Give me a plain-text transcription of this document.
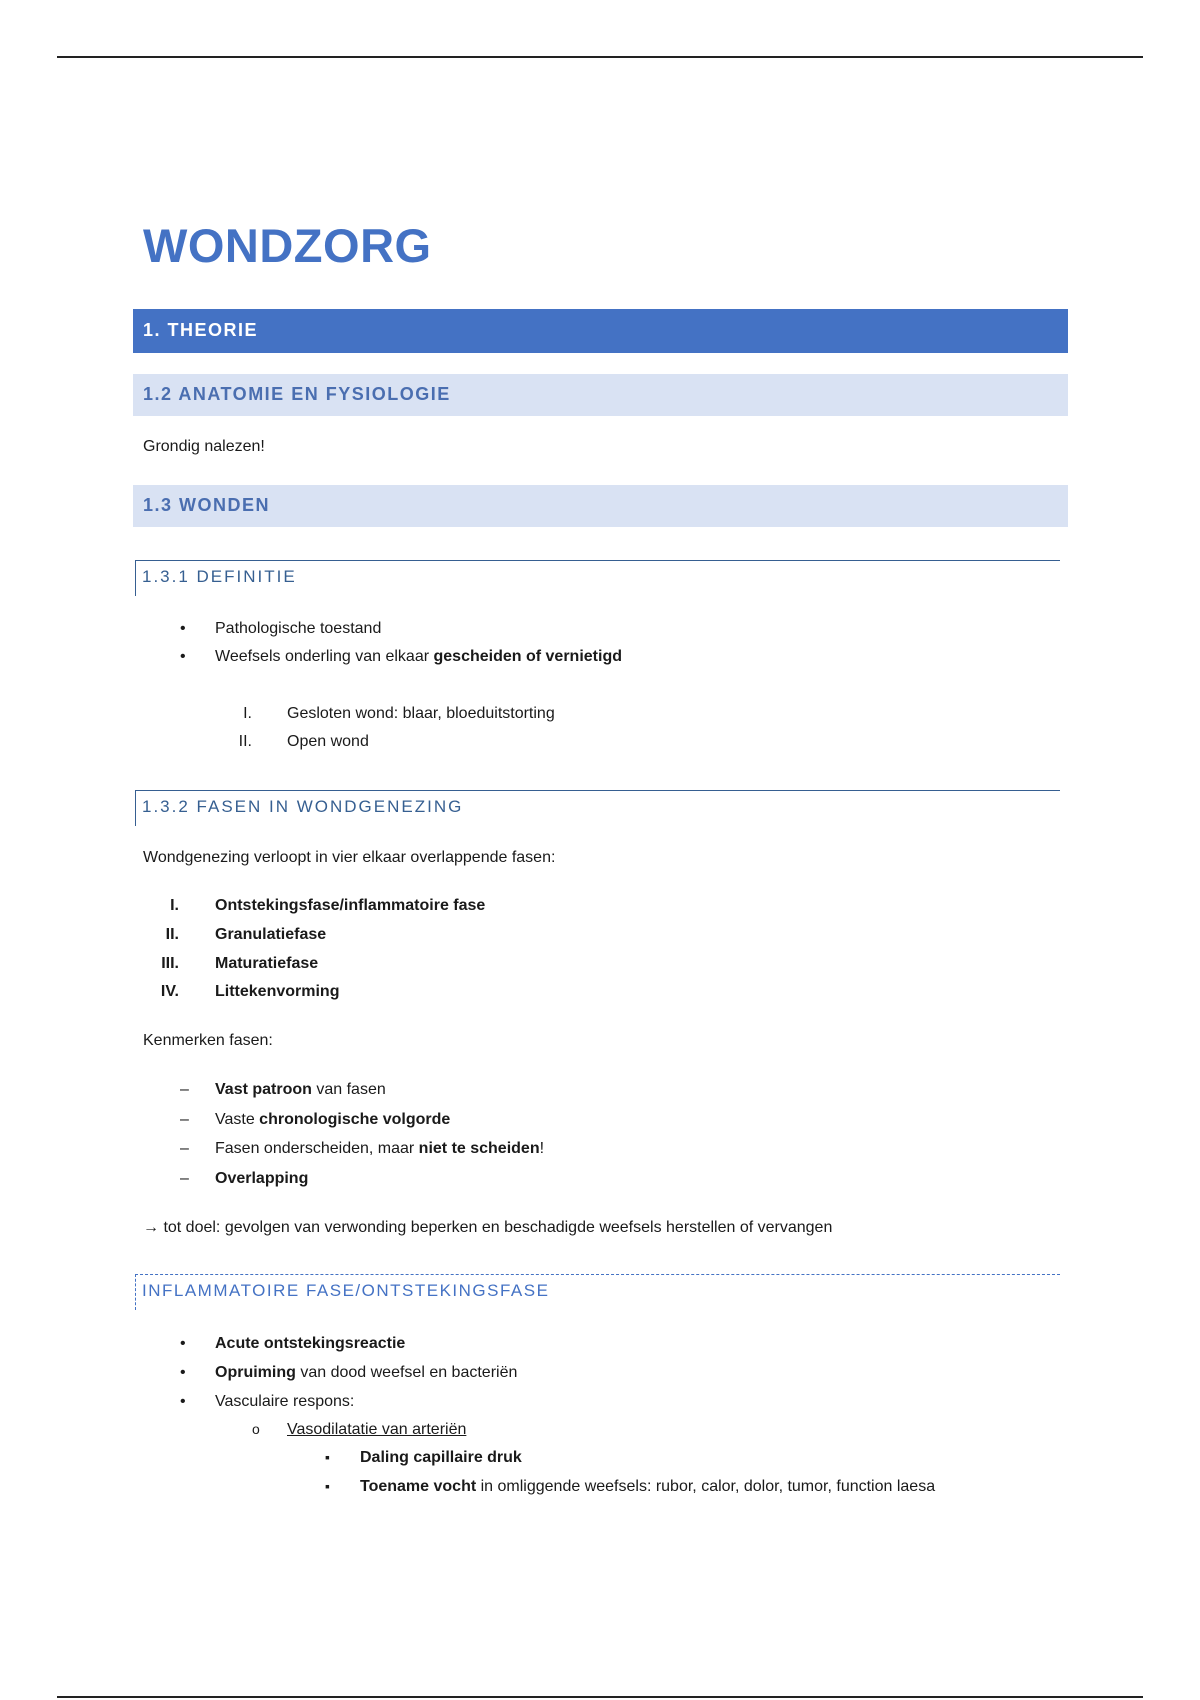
WONDZORG
1. THEORIE
1.2 ANATOMIE EN FYSIOLOGIE

Grondig nalezen!

1.3 WONDEN
1.3.1 DEFINITIE
• Pathologische toestand

• Weefsels onderling van elkaar gescheiden of vernietigd

I. Gesloten wond: blaar, bloeduitstorting

II. Open wond

1.3.2 FASEN IN WONDGENEZING

Wondgenezing verloopt in vier elkaar overlappende fasen:

I. Ontstekingsfase/inflammatoire fase

II. Granulatiefase

III. Maturatiefase

IV. Littekenvorming

Kenmerken fasen:

– Vast patroon van fasen

– Vaste chronologische volgorde

– Fasen onderscheiden, maar niet te scheiden!

– Overlapping

→ tot doel: gevolgen van verwonding beperken en beschadigde weefsels herstellen of vervangen

INFLAMMATOIRE FASE/ONTSTEKINGSFASE
• Acute ontstekingsreactie

• Opruiming van dood weefsel en bacteriën

• Vasculaire respons:

o Vasodilatatie van arteriën

▪ Daling capillaire druk

▪ Toename vocht in omliggende weefsels: rubor, calor, dolor, tumor, function laesa
